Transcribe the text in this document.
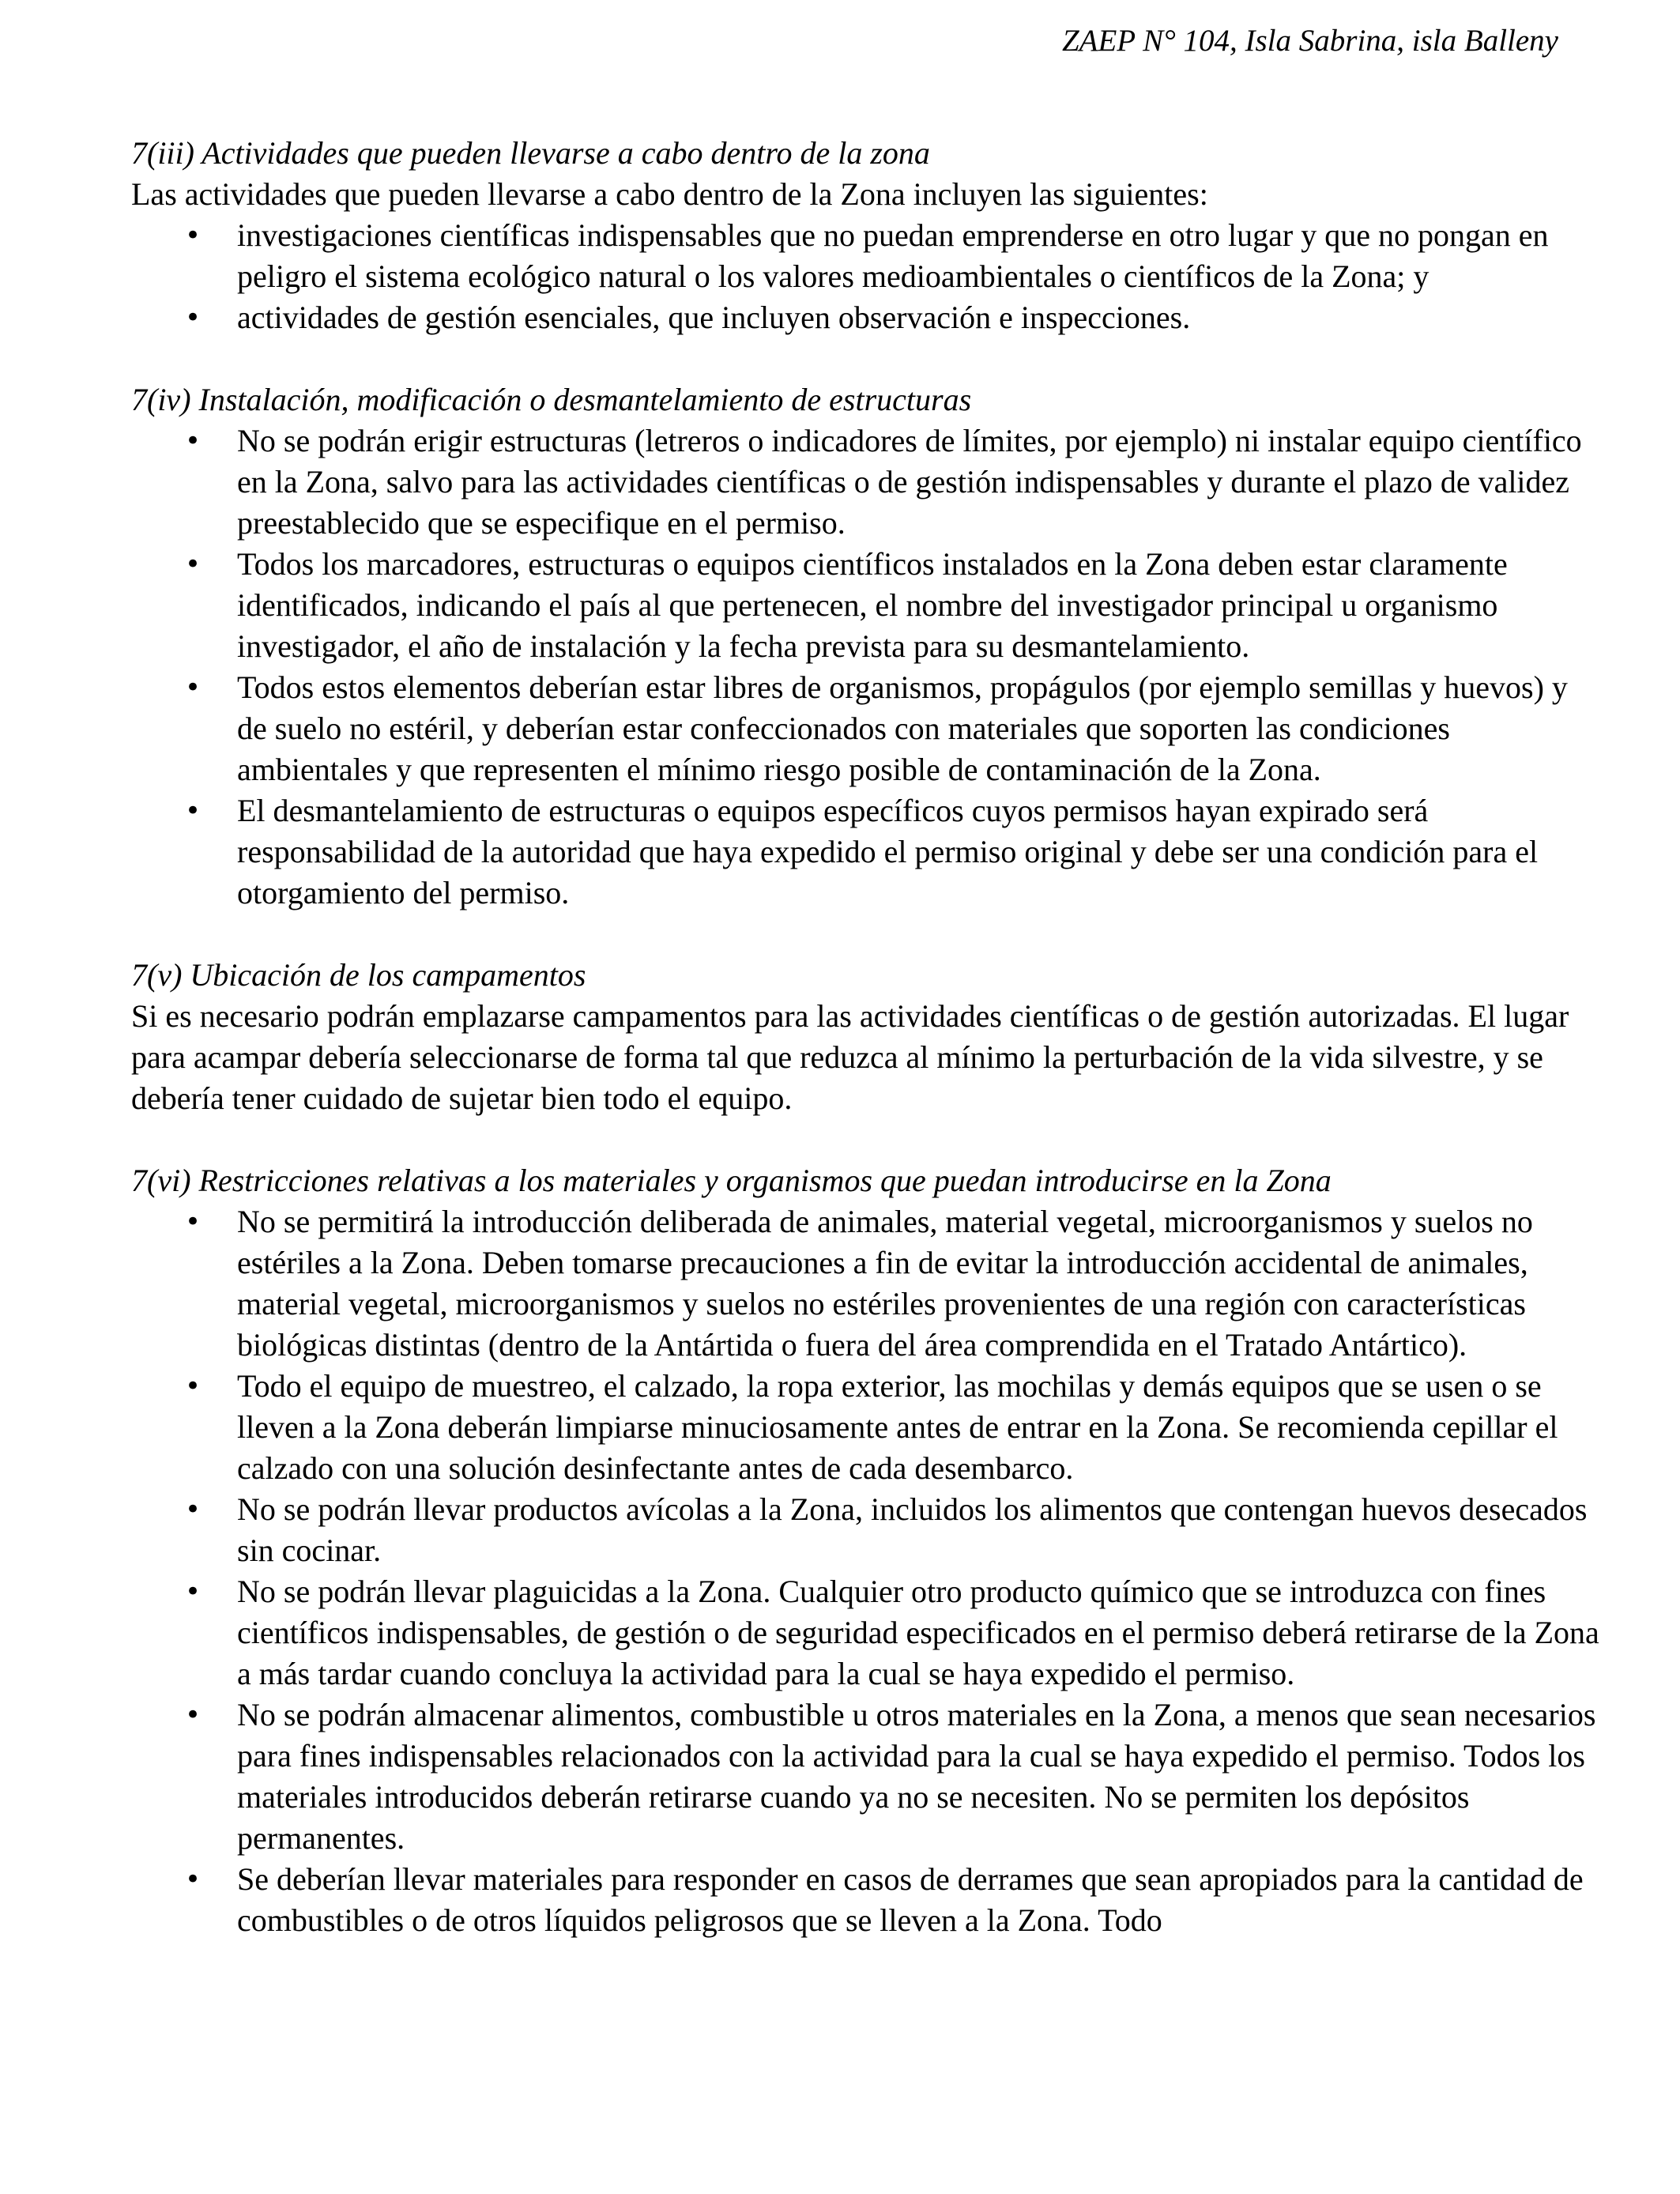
ZAEP N° 104, Isla Sabrina, isla Balleny

7(iii) Actividades que pueden llevarse a cabo dentro de la zona

Las actividades que pueden llevarse a cabo dentro de la Zona incluyen las siguientes:

• investigaciones científicas indispensables que no puedan emprenderse en otro lugar y que no pongan en peligro el sistema ecológico natural o los valores medioambientales o científicos de la Zona; y
• actividades de gestión esenciales, que incluyen observación e inspecciones.

7(iv) Instalación, modificación o desmantelamiento de estructuras

• No se podrán erigir estructuras (letreros o indicadores de límites, por ejemplo) ni instalar equipo científico en la Zona, salvo para las actividades científicas o de gestión indispensables y durante el plazo de validez preestablecido que se especifique en el permiso.
• Todos los marcadores, estructuras o equipos científicos instalados en la Zona deben estar claramente identificados, indicando el país al que pertenecen, el nombre del investigador principal u organismo investigador, el año de instalación y la fecha prevista para su desmantelamiento.
• Todos estos elementos deberían estar libres de organismos, propágulos (por ejemplo semillas y huevos) y de suelo no estéril, y deberían estar confeccionados con materiales que soporten las condiciones ambientales y que representen el mínimo riesgo posible de contaminación de la Zona.
• El desmantelamiento de estructuras o equipos específicos cuyos permisos hayan expirado será responsabilidad de la autoridad que haya expedido el permiso original y debe ser una condición para el otorgamiento del permiso.

7(v) Ubicación de los campamentos

Si es necesario podrán emplazarse campamentos para las actividades científicas o de gestión autorizadas. El lugar para acampar debería seleccionarse de forma tal que reduzca al mínimo la perturbación de la vida silvestre, y se debería tener cuidado de sujetar bien todo el equipo.

7(vi) Restricciones relativas a los materiales y organismos que puedan introducirse en la Zona

• No se permitirá la introducción deliberada de animales, material vegetal, microorganismos y suelos no estériles a la Zona. Deben tomarse precauciones a fin de evitar la introducción accidental de animales, material vegetal, microorganismos y suelos no estériles provenientes de una región con características biológicas distintas (dentro de la Antártida o fuera del área comprendida en el Tratado Antártico).
• Todo el equipo de muestreo, el calzado, la ropa exterior, las mochilas y demás equipos que se usen o se lleven a la Zona deberán limpiarse minuciosamente antes de entrar en la Zona. Se recomienda cepillar el calzado con una solución desinfectante antes de cada desembarco.
• No se podrán llevar productos avícolas a la Zona, incluidos los alimentos que contengan huevos desecados sin cocinar.
• No se podrán llevar plaguicidas a la Zona. Cualquier otro producto químico que se introduzca con fines científicos indispensables, de gestión o de seguridad especificados en el permiso deberá retirarse de la Zona a más tardar cuando concluya la actividad para la cual se haya expedido el permiso.
• No se podrán almacenar alimentos, combustible u otros materiales en la Zona, a menos que sean necesarios para fines indispensables relacionados con la actividad para la cual se haya expedido el permiso. Todos los materiales introducidos deberán retirarse cuando ya no se necesiten. No se permiten los depósitos permanentes.
• Se deberían llevar materiales para responder en casos de derrames que sean apropiados para la cantidad de combustibles o de otros líquidos peligrosos que se lleven a la Zona. Todo
